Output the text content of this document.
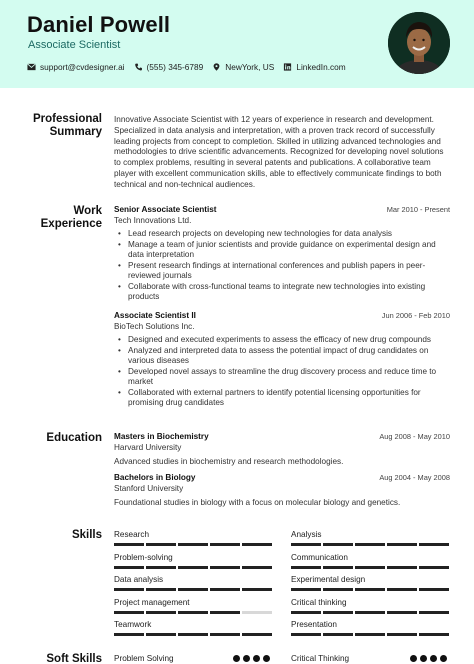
Daniel Powell
Associate Scientist
support@cvdesigner.ai	(555) 345-6789	NewYork, US	LinkedIn.com
Professional Summary
Innovative Associate Scientist with 12 years of experience in research and development. Specialized in data analysis and interpretation, with a proven track record of successfully leading projects from concept to completion. Skilled in utilizing advanced technologies and methodologies to drive scientific advancements. Recognized for developing novel solutions to complex problems, resulting in several patents and publications. A collaborative team player with excellent communication skills, able to effectively communicate findings to both technical and non-technical audiences.
Work Experience
Senior Associate Scientist	Mar 2010 - Present
Tech Innovations Ltd.
• Lead research projects on developing new technologies for data analysis
• Manage a team of junior scientists and provide guidance on experimental design and data interpretation
• Present research findings at international conferences and publish papers in peer-reviewed journals
• Collaborate with cross-functional teams to integrate new technologies into existing products
Associate Scientist II	Jun 2006 - Feb 2010
BioTech Solutions Inc.
• Designed and executed experiments to assess the efficacy of new drug compounds
• Analyzed and interpreted data to assess the potential impact of drug candidates on various diseases
• Developed novel assays to streamline the drug discovery process and reduce time to market
• Collaborated with external partners to identify potential licensing opportunities for promising drug candidates
Education Masters in Biochemistry	Aug 2008 - May 2010
Harvard University
Advanced studies in biochemistry and research methodologies.
Bachelors in Biology	Aug 2004 - May 2008
Stanford University
Foundational studies in biology with a focus on molecular biology and genetics.
Skills Research	Analysis
Problem-solving	Communication
Data analysis	Experimental design
Project management	Critical thinking
Teamwork	Presentation
Soft Skills Problem Solving	Critical Thinking
